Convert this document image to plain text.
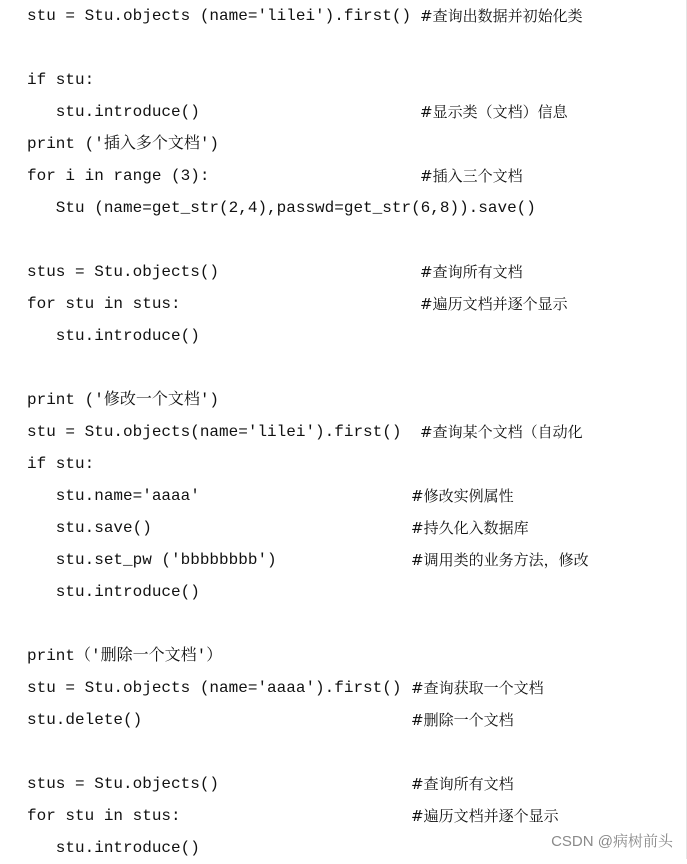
stu = Stu.objects (name='lilei').first() #查询出数据并初始化类
if stu:
stu.introduce()	#显示类（文档）信息
print ('插入多个文档')
for i in range (3):	#插入三个文档
Stu (name=get_str(2,4),passwd=get_str(6,8)).save()
stus = Stu.objects()	#查询所有文档
for stu in stus:	#遍历文档并逐个显示
stu.introduce()
print ('修改一个文档')
stu = Stu.objects(name='lilei').first() #查询某个文档（自动化
if stu:
stu.name='aaaa'	#修改实例属性
stu.save()	#持久化入数据库
stu.set_pw ('bbbbbbbb')	#调用类的业务方法，修改
stu.introduce()
print（'删除一个文档'）
stu = Stu.objects (name='aaaa').first() #查询获取一个文档
stu.delete()	#删除一个文档
stus = Stu.objects()	#查询所有文档
for stu in stus:	#遍历文档并逐个显示
stu.introduce()	CSDN @病树前头
